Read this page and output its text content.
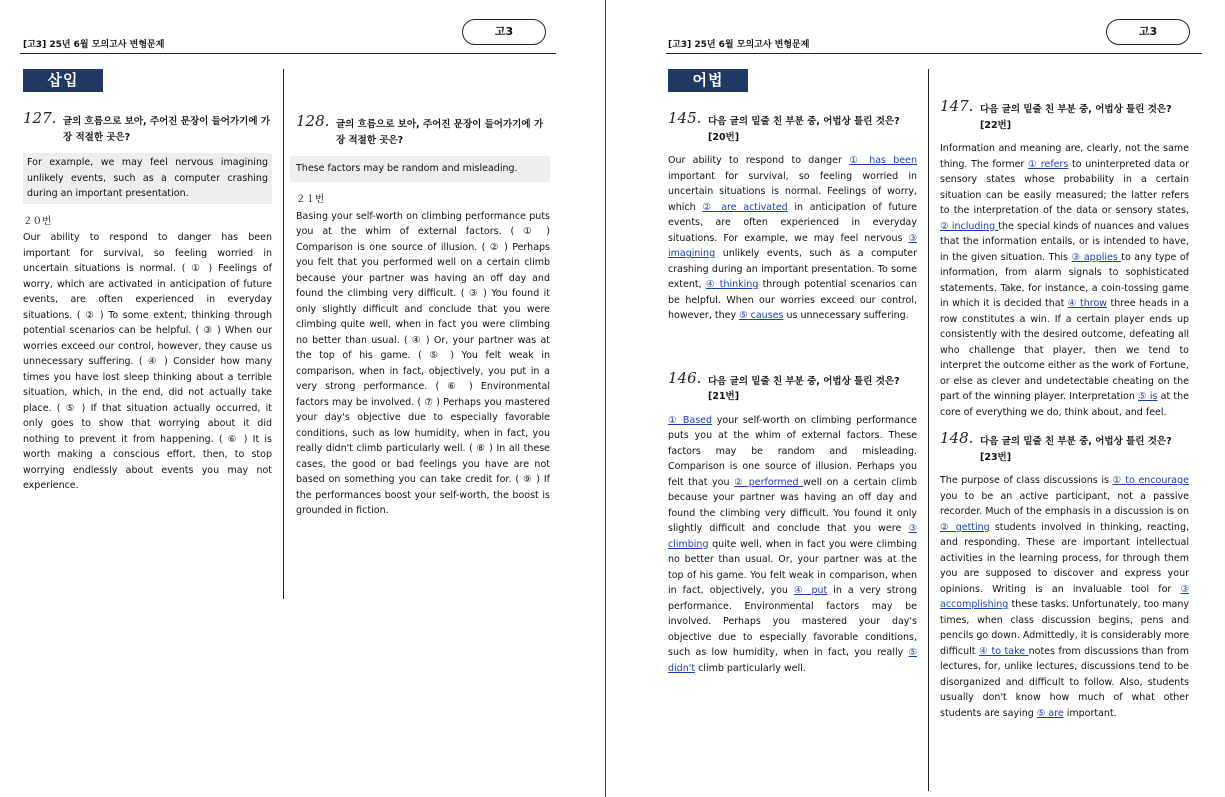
[고3] 25년 6월 모의고사 변형문제
고3
삽입
127. 글의 흐름으로 보아, 주어진 문장이 들어가기에 가장 적절한 곳은?
For example, we may feel nervous imagining unlikely events, such as a computer crashing during an important presentation.
２０번
Our ability to respond to danger has been important for survival, so feeling worried in uncertain situations is normal. ( ① ) Feelings of worry, which are activated in anticipation of future events, are often experienced in everyday situations. ( ② ) To some extent, thinking through potential scenarios can be helpful. ( ③ ) When our worries exceed our control, however, they cause us unnecessary suffering. ( ④ ) Consider how many times you have lost sleep thinking about a terrible situation, which, in the end, did not actually take place. ( ⑤ ) If that situation actually occurred, it only goes to show that worrying about it did nothing to prevent it from happening. ( ⑥ ) It is worth making a conscious effort, then, to stop worrying endlessly about events you may not experience.
128. 글의 흐름으로 보아, 주어진 문장이 들어가기에 가장 적절한 곳은?
These factors may be random and misleading.
２１번
Basing your self-worth on climbing performance puts you at the whim of external factors. ( ① ) Comparison is one source of illusion. ( ② ) Perhaps you felt that you performed well on a certain climb because your partner was having an off day and found the climbing very difficult. ( ③ ) You found it only slightly difficult and conclude that you were climbing quite well, when in fact you were climbing no better than usual. ( ④ ) Or, your partner was at the top of his game. ( ⑤ ) You felt weak in comparison, when in fact, objectively, you put in a very strong performance. ( ⑥ ) Environmental factors may be involved. ( ⑦ ) Perhaps you mastered your day's objective due to especially favorable conditions, such as low humidity, when in fact, you really didn't climb particularly well. ( ⑧ ) In all these cases, the good or bad feelings you have are not based on something you can take credit for. ( ⑨ ) If the performances boost your self-worth, the boost is grounded in fiction.
[고3] 25년 6월 모의고사 변형문제
고3
어법
145. 다음 글의 밑줄 친 부분 중, 어법상 틀린 것은?
[20번]
Our ability to respond to danger ① has been important for survival, so feeling worried in uncertain situations is normal. Feelings of worry, which ② are activated in anticipation of future events, are often experienced in everyday situations. For example, we may feel nervous ③ imagining unlikely events, such as a computer crashing during an important presentation. To some extent, ④ thinking through potential scenarios can be helpful. When our worries exceed our control, however, they ⑤ causes us unnecessary suffering.
146. 다음 글의 밑줄 친 부분 중, 어법상 틀린 것은?
[21번]
① Based your self-worth on climbing performance puts you at the whim of external factors. These factors may be random and misleading. Comparison is one source of illusion. Perhaps you felt that you ② performed well on a certain climb because your partner was having an off day and found the climbing very difficult. You found it only slightly difficult and conclude that you were ③ climbing quite well, when in fact you were climbing no better than usual. Or, your partner was at the top of his game. You felt weak in comparison, when in fact, objectively, you ④ put in a very strong performance. Environmental factors may be involved. Perhaps you mastered your day's objective due to especially favorable conditions, such as low humidity, when in fact, you really ⑤ didn't climb particularly well.
147. 다음 글의 밑줄 친 부분 중, 어법상 틀린 것은?
[22번]
Information and meaning are, clearly, not the same thing. The former ① refers to uninterpreted data or sensory states whose probability in a certain situation can be easily measured; the latter refers to the interpretation of the data or sensory states, ② including the special kinds of nuances and values that the information entails, or is intended to have, in the given situation. This ③ applies to any type of information, from alarm signals to sophisticated statements. Take, for instance, a coin-tossing game in which it is decided that ④ throw three heads in a row constitutes a win. If a certain player ends up consistently with the desired outcome, defeating all who challenge that player, then we tend to interpret the outcome either as the work of Fortune, or else as clever and undetectable cheating on the part of the winning player. Interpretation ⑤ is at the core of everything we do, think about, and feel.
148. 다음 글의 밑줄 친 부분 중, 어법상 틀린 것은?
[23번]
The purpose of class discussions is ① to encourage you to be an active participant, not a passive recorder. Much of the emphasis in a discussion is on ② getting students involved in thinking, reacting, and responding. These are important intellectual activities in the learning process, for through them you are supposed to discover and express your opinions. Writing is an invaluable tool for ③ accomplishing these tasks. Unfortunately, too many times, when class discussion begins, pens and pencils go down. Admittedly, it is considerably more difficult ④ to take notes from discussions than from lectures, for, unlike lectures, discussions tend to be disorganized and difficult to follow. Also, students usually don't know how much of what other students are saying ⑤ are important.
